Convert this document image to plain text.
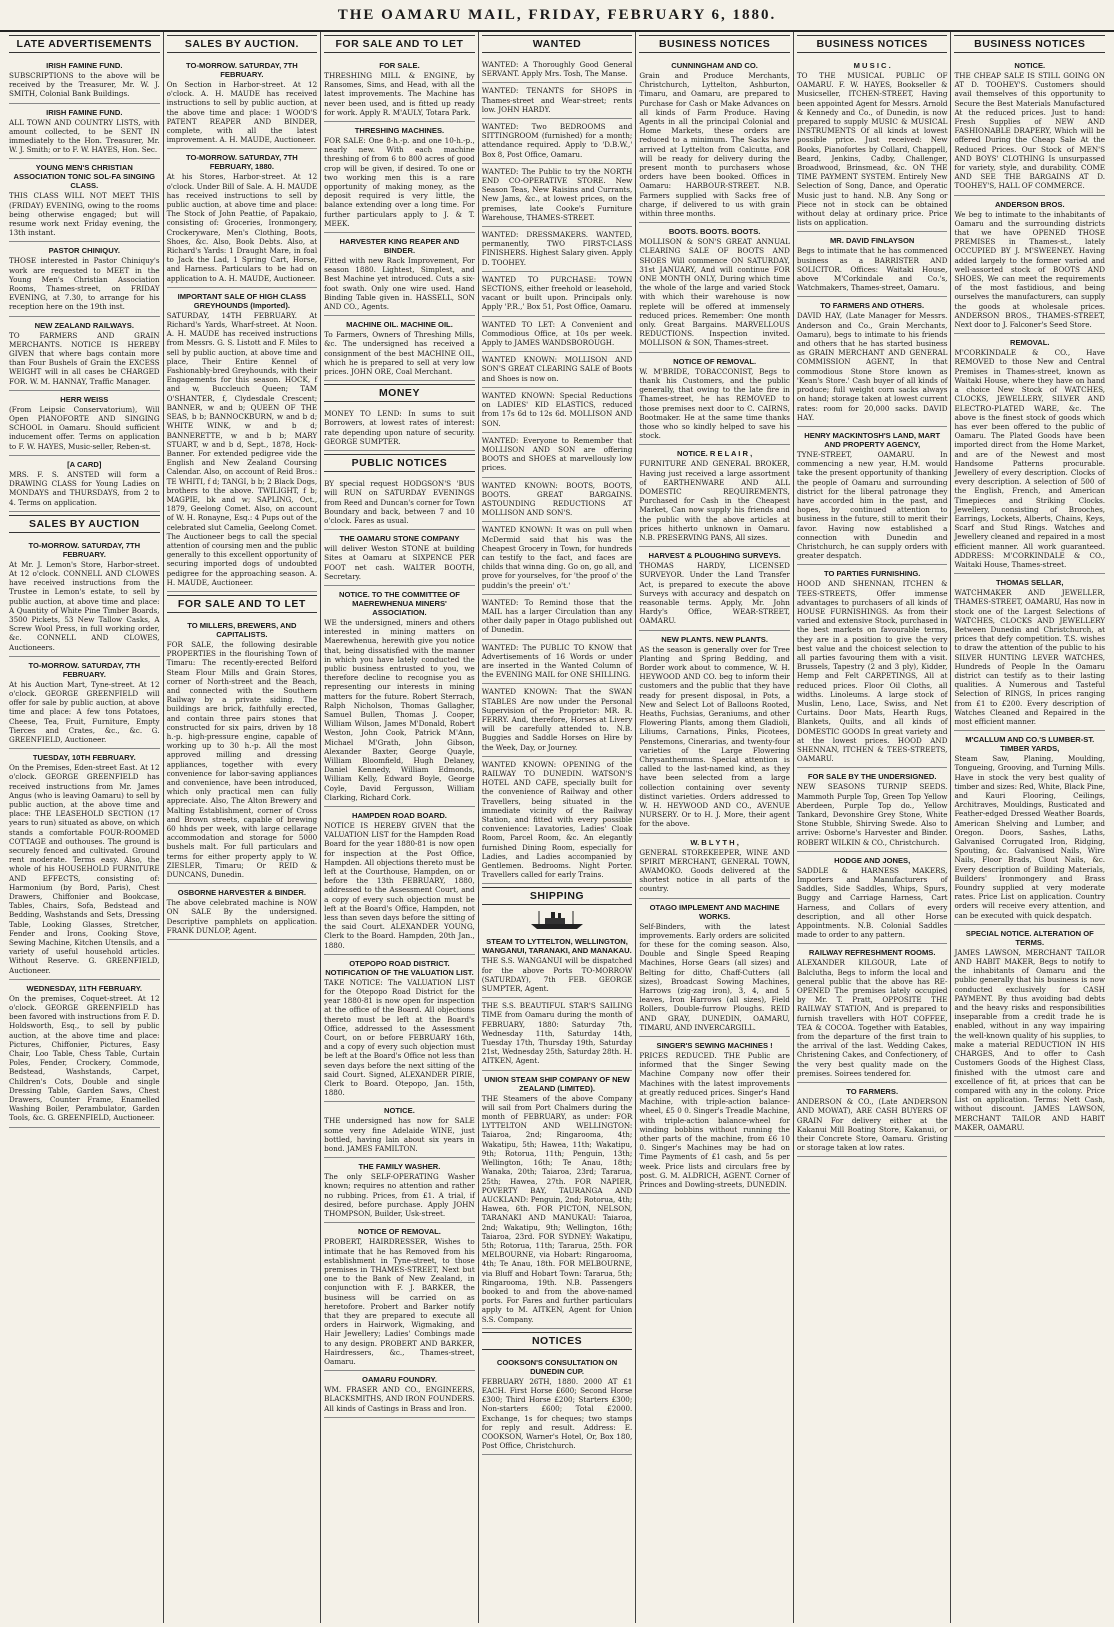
THE OAMARU MAIL, FRIDAY, FEBRUARY 6, 1880.
LATE ADVERTISEMENTS
IRISH FAMINE FUND.

SUBSCRIPTIONS to the above will be received by the Treasurer, Mr. W. J. SMITH, Colonial Bank Buildings.

IRISH FAMINE FUND.

ALL TOWN AND COUNTRY LISTS, with amount collected, to be SENT IN immediately to the Hon. Treasurer, Mr. W. J. Smith; or to F. W. HAYES, Hon. Sec.

YOUNG MEN'S CHRISTIAN ASSOCIATION TONIC SOL-FA SINGING CLASS.

THIS CLASS WILL NOT MEET THIS (FRIDAY) EVENING, owing to the rooms being otherwise engaged; but will resume work next Friday evening, the 13th instant.

PASTOR CHINIQUY.

THOSE interested in Pastor Chiniquy's work are requested to MEET in the Young Men's Christian Association Rooms, Thames-street, on FRIDAY EVENING, at 7.30, to arrange for his reception here on the 19th inst.

NEW ZEALAND RAILWAYS.

TO FARMERS AND GRAIN MERCHANTS. NOTICE IS HEREBY GIVEN that where bags contain more than Four Bushels of Grain the EXCESS WEIGHT will in all cases be CHARGED FOR. W. M. HANNAY, Traffic Manager.

HERR WEISS

(From Leipsic Conservatorium), Will Open PIANOFORTE AND SINGING SCHOOL in Oamaru. Should sufficient inducement offer. Terms on application to F. W. HAYES, Music-seller, Reben-st.

[A CARD]

MRS. F. S. ANSTED will form a DRAWING CLASS for Young Ladies on MONDAYS and THURSDAYS, from 2 to 4. Terms on application.

SALES BY AUCTION
TO-MORROW. SATURDAY, 7TH FEBRUARY.

At Mr. J. Lemon's Store, Harbor-street. At 12 o'clock. CONNELL AND CLOWES have received instructions from the Trustee in Lemon's estate, to sell by public auction, at above time and place: A Quantity of White Pine Timber Boards, 3500 Pickets, 53 New Tallow Casks, A Screw Wool Press, in full working order, &c. CONNELL AND CLOWES, Auctioneers.

TO-MORROW. SATURDAY, 7TH FEBRUARY.

At his Auction Mart, Tyne-street. At 12 o'clock. GEORGE GREENFIELD will offer for sale by public auction, at above time and place: A few tons Potatoes, Cheese, Tea, Fruit, Furniture, Empty Tierces and Crates, &c., &c. G. GREENFIELD, Auctioneer.

TUESDAY, 10TH FEBRUARY.

On the Premises, Eden-street East. At 12 o'clock. GEORGE GREENFIELD has received instructions from Mr. James Angus (who is leaving Oamaru) to sell by public auction, at the above time and place: THE LEASEHOLD SECTION (17 years to run) situated as above, on which stands a comfortable FOUR-ROOMED COTTAGE and outhouses. The ground is securely fenced and cultivated. Ground rent moderate. Terms easy. Also, the whole of his HOUSEHOLD FURNITURE AND EFFECTS, consisting of: Harmonium (by Bord, Paris), Chest Drawers, Chiffonier and Bookcase, Tables, Chairs, Sofa, Bedstead and Bedding, Washstands and Sets, Dressing Table, Looking Glasses, Stretcher, Fender and Irons, Cooking Stove, Sewing Machine, Kitchen Utensils, and a variety of useful household articles. Without Reserve. G. GREENFIELD, Auctioneer.

WEDNESDAY, 11TH FEBRUARY.

On the premises, Coquet-street. At 12 o'clock. GEORGE GREENFIELD has been favored with instructions from F. D. Holdsworth, Esq., to sell by public auction, at the above time and place: Pictures, Chiffonier, Pictures, Easy Chair, Loo Table, Chess Table, Curtain Poles, Fender, Crockery, Commode, Bedstead, Washstands, Carpet, Children's Cots, Double and single Dressing Table, Garden Saws, Chest Drawers, Counter Frame, Enamelled Washing Boiler, Perambulator, Garden Tools, &c. G. GREENFIELD, Auctioneer.

SALES BY AUCTION.
TO-MORROW. SATURDAY, 7TH FEBRUARY.

On Section in Harbor-street. At 12 o'clock. A. H. MAUDE has received instructions to sell by public auction, at the above time and place: 1 WOOD'S PATENT REAPER AND BINDER, complete, with all the latest improvement. A. H. MAUDE, Auctioneer.

TO-MORROW. SATURDAY, 7TH FEBRUARY, 1880.

At his Stores, Harbor-street. At 12 o'clock. Under Bill of Sale. A. H. MAUDE has received instructions to sell by public auction, at above time and place: The Stock of John Peattie, of Papakaio, consisting of: Groceries, Ironmongery, Crockeryware, Men's Clothing, Boots, Shoes, &c. Also, Book Debts. Also, at Richard's Yards: 1 Draught Mare, in foal to Jack the Lad, 1 Spring Cart, Horse, and Harness. Particulars to be had on application to A. H. MAUDE, Auctioneer.

IMPORTANT SALE OF HIGH CLASS GREYHOUNDS (Imported).

SATURDAY, 14TH FEBRUARY. At Richard's Yards, Wharf-street. At Noon. A. H. MAUDE has received instructions from Messrs. G. S. Listott and F. Miles to sell by public auction, at above time and place, Their Entire Kennel of Fashionably-bred Greyhounds, with their Engagements for this season. HOCK, f and w, Buccleuch Queen; TAM O'SHANTER, f, Clydesdale Crescent; BANNER, w and b; QUEEN OF THE SEAS, b b; BANNOCKBURN, w and b d; WHITE WINK, w and b d; BANNERETTE, w and b b; MARY STUART, w and b d, Sept., 1878, Hock-Banner. For extended pedigree vide the English and New Zealand Coursing Calendar. Also, on account of Reid Bros.: TE WHITI, f d; TANGI, b b; 2 Black Dogs, brothers to the above. TWILIGHT, f b; MAGPIE, bk and w; SAPLING, Oct., 1879, Geelong Comet. Also, on account of W. H. Ronayne, Esq.: 4 Pups out of the celebrated slut Camelia, Geelong Comet. The Auctioneer begs to call the special attention of coursing men and the public generally to this excellent opportunity of securing imported dogs of undoubted pedigree for the approaching season. A. H. MAUDE, Auctioneer.

FOR SALE AND TO LET
TO MILLERS, BREWERS, AND CAPITALISTS.

FOR SALE, the following desirable PROPERTIES in the flourishing Town of Timaru: The recently-erected Belford Steam Flour Mills and Grain Stores, corner of North-street and the Beach, and connected with the Southern Railway by a private siding. The buildings are brick, faithfully erected, and contain three pairs stones that constructed for six pairs, driven by 18 h.-p. high-pressure engine, capable of working up to 30 h.-p. All the most approved milling and dressing appliances, together with every convenience for labor-saving appliances and convenience, have been introduced, which only practical men can fully appreciate. Also, The Alton Brewery and Malting Establishment, corner of Cross and Brown streets, capable of brewing 60 hhds per week, with large cellarage accommodation and storage for 5000 bushels malt. For full particulars and terms for either property apply to W. ZIESLER, Timaru; Or REID & DUNCANS, Dunedin.

OSBORNE HARVESTER & BINDER.

The above celebrated machine is NOW ON SALE By the undersigned. Descriptive pamphlets on application. FRANK DUNLOP, Agent.

FOR SALE AND TO LET
FOR SALE.

THRESHING MILL & ENGINE, by Ransomes, Sims, and Head, with all the latest improvements. The Machine has never been used, and is fitted up ready for work. Apply R. M'AULY, Totara Park.

THRESHING MACHINES.

FOR SALE: One 8-h.-p. and one 10-h.-p., nearly new. With each machine threshing of from 6 to 800 acres of good crop will be given, if desired. To one or two working men this is a rare opportunity of making money, as the deposit required is very little, the balance extending over a long time. For further particulars apply to J. & T. MEEK.

HARVESTER KING REAPER AND BINDER.

Fitted with new Rack Improvement, For season 1880. Lightest, Simplest, and Best Machine yet introduced. Cuts a six-foot swath. Only one wire used. Hand Binding Table given in. HASSELL, SON AND CO., Agents.

MACHINE OIL. MACHINE OIL.

To Farmers, Owners of Threshing Mills, &c. The undersigned has received a consignment of the best MACHINE OIL, which he is prepared to sell at very low prices. JOHN ORE, Coal Merchant.

MONEY

MONEY TO LEND: In sums to suit Borrowers, at lowest rates of interest: rate depending upon nature of security. GEORGE SUMPTER.

PUBLIC NOTICES

BY special request HODGSON'S 'BUS will RUN on SATURDAY EVENINGS from Reed and Duncan's corner for Town Boundary and back, between 7 and 10 o'clock. Fares as usual.

THE OAMARU STONE COMPANY

will deliver Weston STONE at building Sites at Oamaru at SIXPENCE PER FOOT net cash. WALTER BOOTH, Secretary.

NOTICE. TO THE COMMITTEE OF MAEREWHENUA MINERS' ASSOCIATION.

WE the undersigned, miners and others interested in mining matters on Maerewhenua, herewith give you notice that, being dissatisfied with the manner in which you have lately conducted the public business entrusted to you, we therefore decline to recognise you as representing our interests in mining matters for the future. Robert Sterrach, Ralph Nicholson, Thomas Gallagher, Samuel Bullen, Thomas J. Cooper, William Wilson, James M'Donald, Robert Weston, John Cook, Patrick M'Ann, Michael M'Grath, John Gibson, Alexander Baxter, George Quayle, William Bloomfield, Hugh Delaney, Daniel Kennedy, William Edmonds, William Kelly, Edward Boyle, George Coyle, David Fergusson, William Clarking, Richard Cork.

HAMPDEN ROAD BOARD.

NOTICE IS HEREBY GIVEN that the VALUATION LIST for the Hampden Road Board for the year 1880-81 is now open for inspection at the Post Office, Hampden. All objections thereto must be left at the Courthouse, Hampden, on or before the 13th FEBRUARY, 1880, addressed to the Assessment Court, and a copy of every such objection must be left at the Board's Office, Hampden, not less than seven days before the sitting of the said Court. ALEXANDER YOUNG, Clerk to the Board. Hampden, 20th Jan., 1880.

OTEPOPO ROAD DISTRICT. NOTIFICATION OF THE VALUATION LIST.

TAKE NOTICE: The VALUATION LIST for the Otepopo Road District for the year 1880-81 is now open for inspection at the office of the Board. All objections thereto must be left at the Board's Office, addressed to the Assessment Court, on or before FEBRUARY 16th, and a copy of every such objection must be left at the Board's Office not less than seven days before the next sitting of the said Court. Signed, ALEXANDER PIRIE, Clerk to Board. Otepopo, Jan. 15th, 1880.

NOTICE.

THE undersigned has now for SALE some very fine Adelaide WINE, just bottled, having lain about six years in bond. JAMES FAMILTON.

THE FAMILY WASHER.

The only SELF-OPERATING Washer known; requires no attention and rather no rubbing. Prices, from £1. A trial, if desired, before purchase. Apply JOHN THOMPSON, Builder, Usk-street.

NOTICE OF REMOVAL.

PROBERT, HAIRDRESSER, Wishes to intimate that he has Removed from his establishment in Tyne-street, to those premises in THAMES-STREET, Next but one to the Bank of New Zealand, in conjunction with F. J. BARKER, the business will be carried on as heretofore. Probert and Barker notify that they are prepared to execute all orders in Hairwork, Wigmaking, and Hair Jewellery; Ladies' Combings made to any design. PROBERT AND BARKER, Hairdressers, &c., Thames-street, Oamaru.

OAMARU FOUNDRY.

WM. FRASER AND CO., ENGINEERS, BLACKSMITHS, AND IRON FOUNDERS. All kinds of Castings in Brass and Iron.

WANTED

WANTED: A Thoroughly Good General SERVANT. Apply Mrs. Tosh, The Manse.

WANTED: TENANTS for SHOPS in Thames-street and Wear-street; rents low. JOHN HARDY.

WANTED: Two BEDROOMS and SITTINGROOM (furnished) for a month; attendance required. Apply to 'D.B.W.,' Box 8, Post Office, Oamaru.

WANTED: The Public to try the NORTH END CO-OPERATIVE STORE. New Season Teas, New Raisins and Currants, New Jams, &c., at lowest prices, on the premises, late Cooke's Furniture Warehouse, THAMES-STREET.

WANTED: DRESSMAKERS. WANTED, permanently, TWO FIRST-CLASS FINISHERS. Highest Salary given. Apply D. TOOHEY.

WANTED TO PURCHASE: TOWN SECTIONS, either freehold or leasehold, vacant or built upon. Principals only. Apply 'P.R.,' Box 51, Post Office, Oamaru.

WANTED TO LET: A Convenient and Commodious Office, at 10s per week. Apply to JAMES WANDSBOROUGH.

WANTED KNOWN: MOLLISON AND SON'S GREAT CLEARING SALE of Boots and Shoes is now on.

WANTED KNOWN: Special Reductions on LADIES' KID ELASTICS, reduced from 17s 6d to 12s 6d. MOLLISON AND SON.

WANTED: Everyone to Remember that MOLLISON AND SON are offering BOOTS and SHOES at marvellously low prices.

WANTED KNOWN: BOOTS, BOOTS, BOOTS. GREAT BARGAINS. ASTOUNDING REDUCTIONS AT MOLLISON AND SON'S.

WANTED KNOWN: It was on pull when McDermid said that his was the Cheapest Grocery in Town, for hundreds can testify to the fact, and faces are childs that winna ding. Go on, go all, and prove for yourselves, for 'the proof o' the puddin's the preein' o't.'

WANTED: To Remind those that the MAIL has a larger Circulation than any other daily paper in Otago published out of Dunedin.

WANTED: The PUBLIC TO KNOW that Advertisements of 16 Words or under are inserted in the Wanted Column of the EVENING MAIL for ONE SHILLING.

WANTED KNOWN: That the SWAN STABLES Are now under the Personal Supervision of the Proprietor: MR. R. FERRY. And, therefore, Horses at Livery will be carefully attended to. N.B. Buggies and Saddle Horses on Hire by the Week, Day, or Journey.

WANTED KNOWN: OPENING of the RAILWAY TO DUNEDIN. WATSON'S HOTEL AND CAFE, specially built for the convenience of Railway and other Travellers, being situated in the immediate vicinity of the Railway Station, and fitted with every possible convenience: Lavatories, Ladies' Cloak Room, Parcel Room, &c. An elegantly furnished Dining Room, especially for Ladies, and Ladies accompanied by Gentlemen. Bedrooms. Night Porter. Travellers called for early Trains.

SHIPPING
STEAM TO LYTTELTON, WELLINGTON, WANGANUI, TARANAKI, AND MANAKAU.

THE S.S. WANGANUI will be dispatched for the above Ports TO-MORROW (SATURDAY), 7th FEB. GEORGE SUMPTER, Agent.

THE S.S. BEAUTIFUL STAR'S SAILING TIME from Oamaru during the month of FEBRUARY, 1880: Saturday 7th, Wednesday 11th, Saturday 14th, Tuesday 17th, Thursday 19th, Saturday 21st, Wednesday 25th, Saturday 28th. H. AITKEN, Agent.

UNION STEAM SHIP COMPANY OF NEW ZEALAND (LIMITED).

THE Steamers of the above Company will sail from Port Chalmers during the month of FEBRUARY, as under: FOR LYTTELTON AND WELLINGTON: Taiaroa, 2nd; Ringarooma, 4th; Wakatipu, 5th; Hawea, 11th; Wakatipu, 9th; Rotorua, 11th; Penguin, 13th; Wellington, 16th; Te Anau, 18th; Wanaka, 20th; Taiaroa, 23rd; Tararua, 25th; Hawea, 27th. FOR NAPIER, POVERTY BAY, TAURANGA AND AUCKLAND: Penguin, 2nd; Rotorua, 4th; Hawea, 6th. FOR PICTON, NELSON, TARANAKI AND MANUKAU: Taiaroa, 2nd; Wakatipu, 9th; Wellington, 16th; Taiaroa, 23rd. FOR SYDNEY: Wakatipu, 5th; Rotorua, 11th; Tararua, 25th. FOR MELBOURNE, via Hobart: Ringarooma, 4th; Te Anau, 18th. FOR MELBOURNE, via Bluff and Hobart Town: Tararua, 5th; Ringarooma, 19th. N.B. Passengers booked to and from the above-named ports. For Fares and further particulars apply to M. AITKEN, Agent for Union S.S. Company.

NOTICES
COOKSON'S CONSULTATION ON DUNEDIN CUP.

FEBRUARY 26TH, 1880. 2000 AT £1 EACH. First Horse £600; Second Horse £300; Third Horse £200; Starters £300; Non-starters £600; Total £2000. Exchange, 1s for cheques; two stamps for reply and result. Address: E. COOKSON, Warner's Hotel, Or, Box 180, Post Office, Christchurch.

BUSINESS NOTICES
CUNNINGHAM AND CO.

Grain and Produce Merchants, Christchurch, Lyttelton, Ashburton, Timaru, and Oamaru, are prepared to Purchase for Cash or Make Advances on all kinds of Farm Produce. Having Agents in all the principal Colonial and Home Markets, these orders are reduced to a minimum. The Sacks have arrived at Lyttelton from Calcutta, and will be ready for delivery during the present month to purchasers whose orders have been booked. Offices in Oamaru: HARBOUR-STREET. N.B. Farmers supplied with Sacks free of charge, if delivered to us with grain within three months.

BOOTS. BOOTS. BOOTS.

MOLLISON & SON'S GREAT ANNUAL CLEARING SALE OF BOOTS AND SHOES Will commence ON SATURDAY, 31st JANUARY, And will continue FOR ONE MONTH ONLY, During which time the whole of the large and varied Stock with which their warehouse is now replete will be offered at immensely reduced prices. Remember: One month only. Great Bargains. MARVELLOUS REDUCTIONS. Inspection invited. MOLLISON & SON, Thames-street.

NOTICE OF REMOVAL.

W. M'BRIDE, TOBACCONIST, Begs to thank his Customers, and the public generally, that owing to the late fire in Thames-street, he has REMOVED to those premises next door to C. CAIRNS, Bootmaker. He at the same time thanks those who so kindly helped to save his stock.

NOTICE. R E L A I R ,

FURNITURE AND GENERAL BROKER, Having just received a large assortment of EARTHENWARE AND ALL DOMESTIC REQUIREMENTS, Purchased for Cash in the Cheapest Market, Can now supply his friends and the public with the above articles at prices hitherto unknown in Oamaru. N.B. PRESERVING PANS, All sizes.

HARVEST & PLOUGHING SURVEYS.

THOMAS HARDY, LICENSED SURVEYOR. Under the Land Transfer Act, is prepared to execute the above Surveys with accuracy and despatch on reasonable terms. Apply, Mr. John Hardy's Office, WEAR-STREET, OAMARU.

NEW PLANTS. NEW PLANTS.

AS the season is generally over for Tree Planting and Spring Bedding, and Border work about to commence, W. H. HEYWOOD AND CO. beg to inform their customers and the public that they have ready for present disposal, in Pots, a New and Select Lot of Balloons Rooted, Heaths, Fuchsias, Geraniums, and other Flowering Plants, among them Gladioli, Liliums, Carnations, Pinks, Picotees, Penstemons, Cinerarias, and twenty-four varieties of the Large Flowering Chrysanthemums. Special attention is called to the last-named kind, as they have been selected from a large collection containing over seventy distinct varieties. Orders addressed to W. H. HEYWOOD AND CO., AVENUE NURSERY. Or to H. J. More, their agent for the above.

W. B L Y T H ,

GENERAL STOREKEEPER, WINE AND SPIRIT MERCHANT, GENERAL TOWN, AWAMOKO. Goods delivered at the shortest notice in all parts of the country.

OTAGO IMPLEMENT AND MACHINE WORKS.

Self-Binders, with the latest improvements. Early orders are solicited for these for the coming season. Also, Double and Single Speed Reaping Machines, Horse Gears (all sizes) and Belting for ditto, Chaff-Cutters (all sizes), Broadcast Sowing Machines, Harrows (zig-zag iron), 3, 4, and 5 leaves, Iron Harrows (all sizes), Field Rollers, Double-furrow Ploughs. REID AND GRAY, DUNEDIN, OAMARU, TIMARU, AND INVERCARGILL.

SINGER'S SEWING MACHINES !

PRICES REDUCED. THE Public are informed that the Singer Sewing Machine Company now offer their Machines with the latest improvements at greatly reduced prices. Singer's Hand Machine, with triple-action balance-wheel, £5 0 0. Singer's Treadle Machine, with triple-action balance-wheel for winding bobbins without running the other parts of the machine, from £6 10 0. Singer's Machines may be had on Time Payments of £1 cash, and 5s per week. Price lists and circulars free by post. G. M. ALDRICH, AGENT. Corner of Princes and Dowling-streets, DUNEDIN.

BUSINESS NOTICES
M U S I C .

TO THE MUSICAL PUBLIC OF OAMARU. F. W. HAYES, Bookseller & Musicseller, ITCHEN-STREET, Having been appointed Agent for Messrs. Arnold & Kennedy and Co., of Dunedin, is now prepared to supply MUSIC & MUSICAL INSTRUMENTS Of all kinds at lowest possible price. Just received: New Books, Pianofortes by Collard, Chappell, Beard, Jenkins, Cadby, Challenger, Broadwood, Brinsmead, &c. ON THE TIME PAYMENT SYSTEM. Entirely New Selection of Song, Dance, and Operatic Music just to hand. N.B. Any Song or Piece not in stock can be obtained without delay at ordinary price. Price lists on application.

MR. DAVID FINLAYSON

Begs to intimate that he has commenced business as a BARRISTER AND SOLICITOR. Offices: Waitaki House, above M'Corkindale and Co.'s, Watchmakers, Thames-street, Oamaru.

TO FARMERS AND OTHERS.

DAVID HAY, (Late Manager for Messrs. Anderson and Co., Grain Merchants, Oamaru), begs to intimate to his friends and others that he has started business as GRAIN MERCHANT AND GENERAL COMMISSION AGENT, In that commodious Stone Store known as 'Kean's Store.' Cash buyer of all kinds of produce; full weight corn sacks always on hand; storage taken at lowest current rates: room for 20,000 sacks. DAVID HAY.

HENRY MACKINTOSH'S LAND, MART AND PROPERTY AGENCY,

TYNE-STREET, OAMARU. In commencing a new year, H.M. would take the present opportunity of thanking the people of Oamaru and surrounding district for the liberal patronage they have accorded him in the past, and hopes, by continued attention to business in the future, still to merit their favor. Having now established a connection with Dunedin and Christchurch, he can supply orders with greater despatch.

TO PARTIES FURNISHING.

HOOD AND SHENNAN, ITCHEN & TEES-STREETS, Offer immense advantages to purchasers of all kinds of HOUSE FURNISHINGS. As from their varied and extensive Stock, purchased in the best markets on favourable terms, they are in a position to give the very best value and the choicest selection to all parties favouring them with a visit. Brussels, Tapestry (2 and 3 ply), Kidder, Hemp and Felt CARPETINGS, All at reduced prices. Floor Oil Cloths, all widths. Linoleums. A large stock of Muslin, Leno, Lace, Swiss, and Net Curtains. Door Mats, Hearth Rugs, Blankets, Quilts, and all kinds of DOMESTIC GOODS In great variety and at the lowest prices. HOOD AND SHENNAN, ITCHEN & TEES-STREETS, OAMARU.

FOR SALE BY THE UNDERSIGNED.

NEW SEASONS TURNIP SEEDS. Mammoth Purple Top, Green Top Yellow Aberdeen, Purple Top do., Yellow Tankard, Devonshire Grey Stone, White Stone Stubble, Shirving Swede. Also to arrive: Osborne's Harvester and Binder. ROBERT WILKIN & CO., Christchurch.

HODGE AND JONES,

SADDLE & HARNESS MAKERS, Importers and Manufacturers of Saddles, Side Saddles, Whips, Spurs, Buggy and Carriage Harness, Cart Harness, and Collars of every description, and all other Horse Appointments. N.B. Colonial Saddles made to order to any pattern.

RAILWAY REFRESHMENT ROOMS.

ALEXANDER KILGOUR, Late of Balclutha, Begs to inform the local and general public that the above has RE-OPENED The premises lately occupied by Mr. T. Pratt, OPPOSITE THE RAILWAY STATION, And is prepared to furnish travellers with HOT COFFEE, TEA & COCOA. Together with Eatables, from the departure of the first train to the arrival of the last. Wedding Cakes, Christening Cakes, and Confectionery, of the very best quality made on the premises. Soirees tendered for.

TO FARMERS.

ANDERSON & CO., (Late ANDERSON AND MOWAT), ARE CASH BUYERS OF GRAIN For delivery either at the Kakanui Mill Boating Store, Kakanui, or their Concrete Store, Oamaru. Gristing or storage taken at low rates.

BUSINESS NOTICES
NOTICE.

THE CHEAP SALE IS STILL GOING ON AT D. TOOHEY'S. Customers should avail themselves of this opportunity to Secure the Best Materials Manufactured At the reduced prices. Just to hand: Fresh Supplies of NEW AND FASHIONABLE DRAPERY, Which will be offered During the Cheap Sale At the Reduced Prices. Our Stock of MEN'S AND BOYS' CLOTHING Is unsurpassed for variety, style, and durability. COME AND SEE THE BARGAINS AT D. TOOHEY'S, HALL OF COMMERCE.

ANDERSON BROS.

We beg to intimate to the inhabitants of Oamaru and the surrounding districts that we have OPENED THOSE PREMISES in Thames-st., lately OCCUPIED BY J. M'SWEENEY. Having added largely to the former varied and well-assorted stock of BOOTS AND SHOES, We can meet the requirements of the most fastidious, and being ourselves the manufacturers, can supply the goods at wholesale prices. ANDERSON BROS., THAMES-STREET, Next door to J. Falconer's Seed Store.

REMOVAL.

M'CORKINDALE & CO., Have REMOVED to those New and Central Premises in Thames-street, known as Waitaki House, where they have on hand a choice New Stock of WATCHES, CLOCKS, JEWELLERY, SILVER AND ELECTRO-PLATED WARE, &c. The above is the finest stock of goods which has ever been offered to the public of Oamaru. The Plated Goods have been imported direct from the Home Market, and are of the Newest and most Handsome Patterns procurable. Jewellery of every description. Clocks of every description. A selection of 500 of the English, French, and American Timepieces and Striking Clocks. Jewellery, consisting of Brooches, Earrings, Lockets, Alberts, Chains, Keys, Scarf and Stud Rings. Watches and Jewellery cleaned and repaired in a most efficient manner. All work guaranteed. ADDRESS: M'CORKINDALE & CO., Waitaki House, Thames-street.

THOMAS SELLAR,

WATCHMAKER AND JEWELLER, THAMES-STREET, OAMARU, Has now in stock one of the Largest Selections of WATCHES, CLOCKS AND JEWELLERY Between Dunedin and Christchurch, at prices that defy competition. T.S. wishes to draw the attention of the public to his SILVER HUNTING LEVER WATCHES, Hundreds of People In the Oamaru district can testify as to their lasting qualities. A Numerous and Tasteful Selection of RINGS, In prices ranging from £1 to £200. Every description of Watches Cleaned and Repaired in the most efficient manner.

M'CALLUM AND CO.'S LUMBER-ST. TIMBER YARDS,

Steam Saw, Planing, Moulding, Tongueing, Grooving, and Turning Mills. Have in stock the very best quality of timber and sizes: Red, White, Black Pine, and Kauri Flooring, Ceilings, Architraves, Mouldings, Rusticated and Feather-edged Dressed Weather Boards, American Shelving and Lumber, and Oregon. Doors, Sashes, Laths, Galvanised Corrugated Iron, Ridging, Spouting, &c. Galvanised Nails, Wire Nails, Floor Brads, Clout Nails, &c. Every description of Building Materials, Builders' Ironmongery and Brass Foundry supplied at very moderate rates. Price List on application. Country orders will receive every attention, and can be executed with quick despatch.

SPECIAL NOTICE. ALTERATION OF TERMS.

JAMES LAWSON, MERCHANT TAILOR AND HABIT MAKER, Begs to notify to the inhabitants of Oamaru and the public generally that his business is now conducted exclusively for CASH PAYMENT. By thus avoiding bad debts and the heavy risks and responsibilities inseparable from a credit trade he is enabled, without in any way impairing the well-known quality of his supplies, to make a material REDUCTION IN HIS CHARGES, And to offer to Cash Customers Goods of the Highest Class, finished with the utmost care and excellence of fit, at prices that can be compared with any in the colony. Price List on application. Terms: Nett Cash, without discount. JAMES LAWSON, MERCHANT TAILOR AND HABIT MAKER, OAMARU.
